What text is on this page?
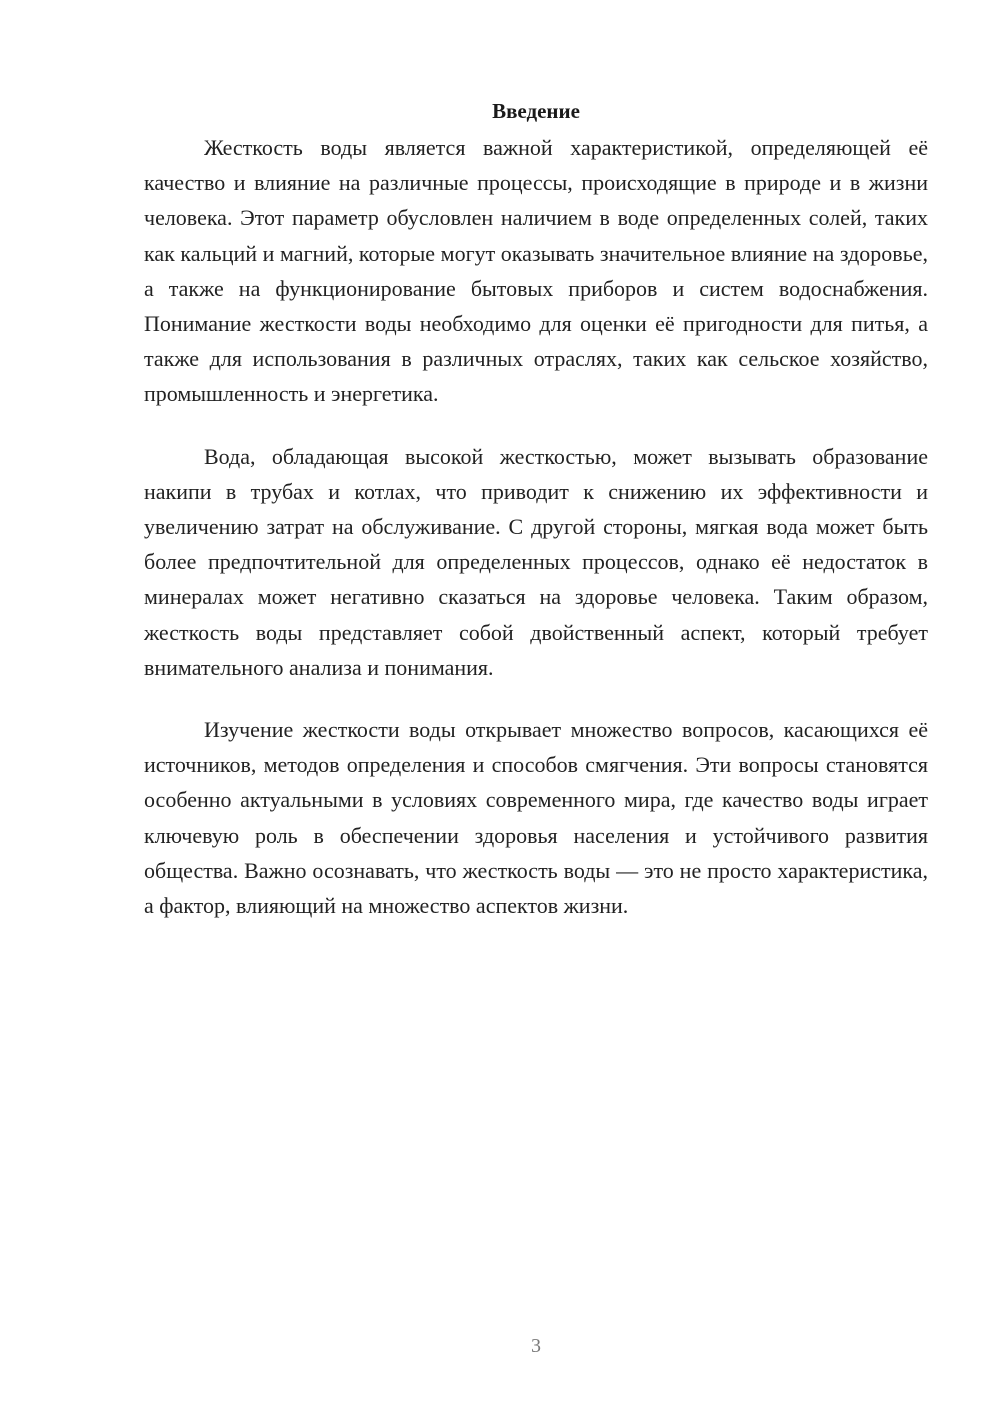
Введение

Жесткость воды является важной характеристикой, определяющей её качество и влияние на различные процессы, происходящие в природе и в жизни человека. Этот параметр обусловлен наличием в воде определенных солей, таких как кальций и магний, которые могут оказывать значительное влияние на здоровье, а также на функционирование бытовых приборов и систем водоснабжения. Понимание жесткости воды необходимо для оценки её пригодности для питья, а также для использования в различных отраслях, таких как сельское хозяйство, промышленность и энергетика.

Вода, обладающая высокой жесткостью, может вызывать образование накипи в трубах и котлах, что приводит к снижению их эффективности и увеличению затрат на обслуживание. С другой стороны, мягкая вода может быть более предпочтительной для определенных процессов, однако её недостаток в минералах может негативно сказаться на здоровье человека. Таким образом, жесткость воды представляет собой двойственный аспект, который требует внимательного анализа и понимания.

Изучение жесткости воды открывает множество вопросов, касающихся её источников, методов определения и способов смягчения. Эти вопросы становятся особенно актуальными в условиях современного мира, где качество воды играет ключевую роль в обеспечении здоровья населения и устойчивого развития общества. Важно осознавать, что жесткость воды — это не просто характеристика, а фактор, влияющий на множество аспектов жизни.

3
